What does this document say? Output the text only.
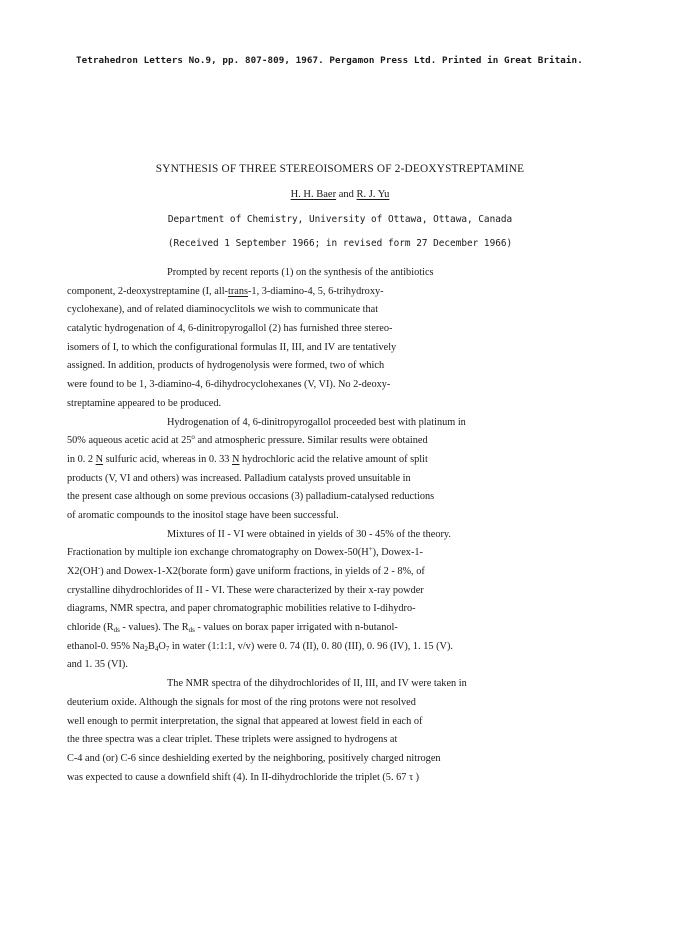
Tetrahedron Letters No.9, pp. 807-809, 1967. Pergamon Press Ltd. Printed in Great Britain.
SYNTHESIS OF THREE STEREOISOMERS OF 2-DEOXYSTREPTAMINE
H. H. Baer and R. J. Yu
Department of Chemistry, University of Ottawa, Ottawa, Canada
(Received 1 September 1966; in revised form 27 December 1966)

Prompted by recent reports (1) on the synthesis of the antibiotics
component, 2-deoxystreptamine (I, all-trans-1, 3-diamino-4, 5, 6-trihydroxy-
cyclohexane), and of related diaminocyclitols we wish to communicate that
catalytic hydrogenation of 4, 6-dinitropyrogallol (2) has furnished three stereo-
isomers of I, to which the configurational formulas II, III, and IV are tentatively
assigned. In addition, products of hydrogenolysis were formed, two of which
were found to be 1, 3-diamino-4, 6-dihydrocyclohexanes (V, VI). No 2-deoxy-
streptamine appeared to be produced.

Hydrogenation of 4, 6-dinitropyrogallol proceeded best with platinum in
50% aqueous acetic acid at 25$^o$ and atmospheric pressure. Similar results were obtained
in 0. 2 N sulfuric acid, whereas in 0. 33 N hydrochloric acid the relative amount of split
products (V, VI and others) was increased. Palladium catalysts proved unsuitable in
the present case although on some previous occasions (3) palladium-catalysed reductions
of aromatic compounds to the inositol stage have been successful.

Mixtures of II - VI were obtained in yields of 30 - 45% of the theory.
Fractionation by multiple ion exchange chromatography on Dowex-50(H+), Dowex-1-
X2(OH-) and Dowex-1-X2(borate form) gave uniform fractions, in yields of 2 - 8%, of
crystalline dihydrochlorides of II - VI. These were characterized by their x-ray powder
diagrams, NMR spectra, and paper chromatographic mobilities relative to I-dihydro-
chloride ($R_{ds}$ - values). The $R_{ds}$ - values on borax paper irrigated with n-butanol-
ethanol-0. 95% $Na_2B_4O_7$ in water (1:1:1, v/v) were 0. 74 (II), 0. 80 (III), 0. 96 (IV), 1. 15 (V).
and 1. 35 (VI).

The NMR spectra of the dihydrochlorides of II, III, and IV were taken in
deuterium oxide. Although the signals for most of the ring protons were not resolved
well enough to permit interpretation, the signal that appeared at lowest field in each of
the three spectra was a clear triplet. These triplets were assigned to hydrogens at
C-4 and (or) C-6 since deshielding exerted by the neighboring, positively charged nitrogen
was expected to cause a downfield shift (4). In II-dihydrochloride the triplet (5. 67 τ )
